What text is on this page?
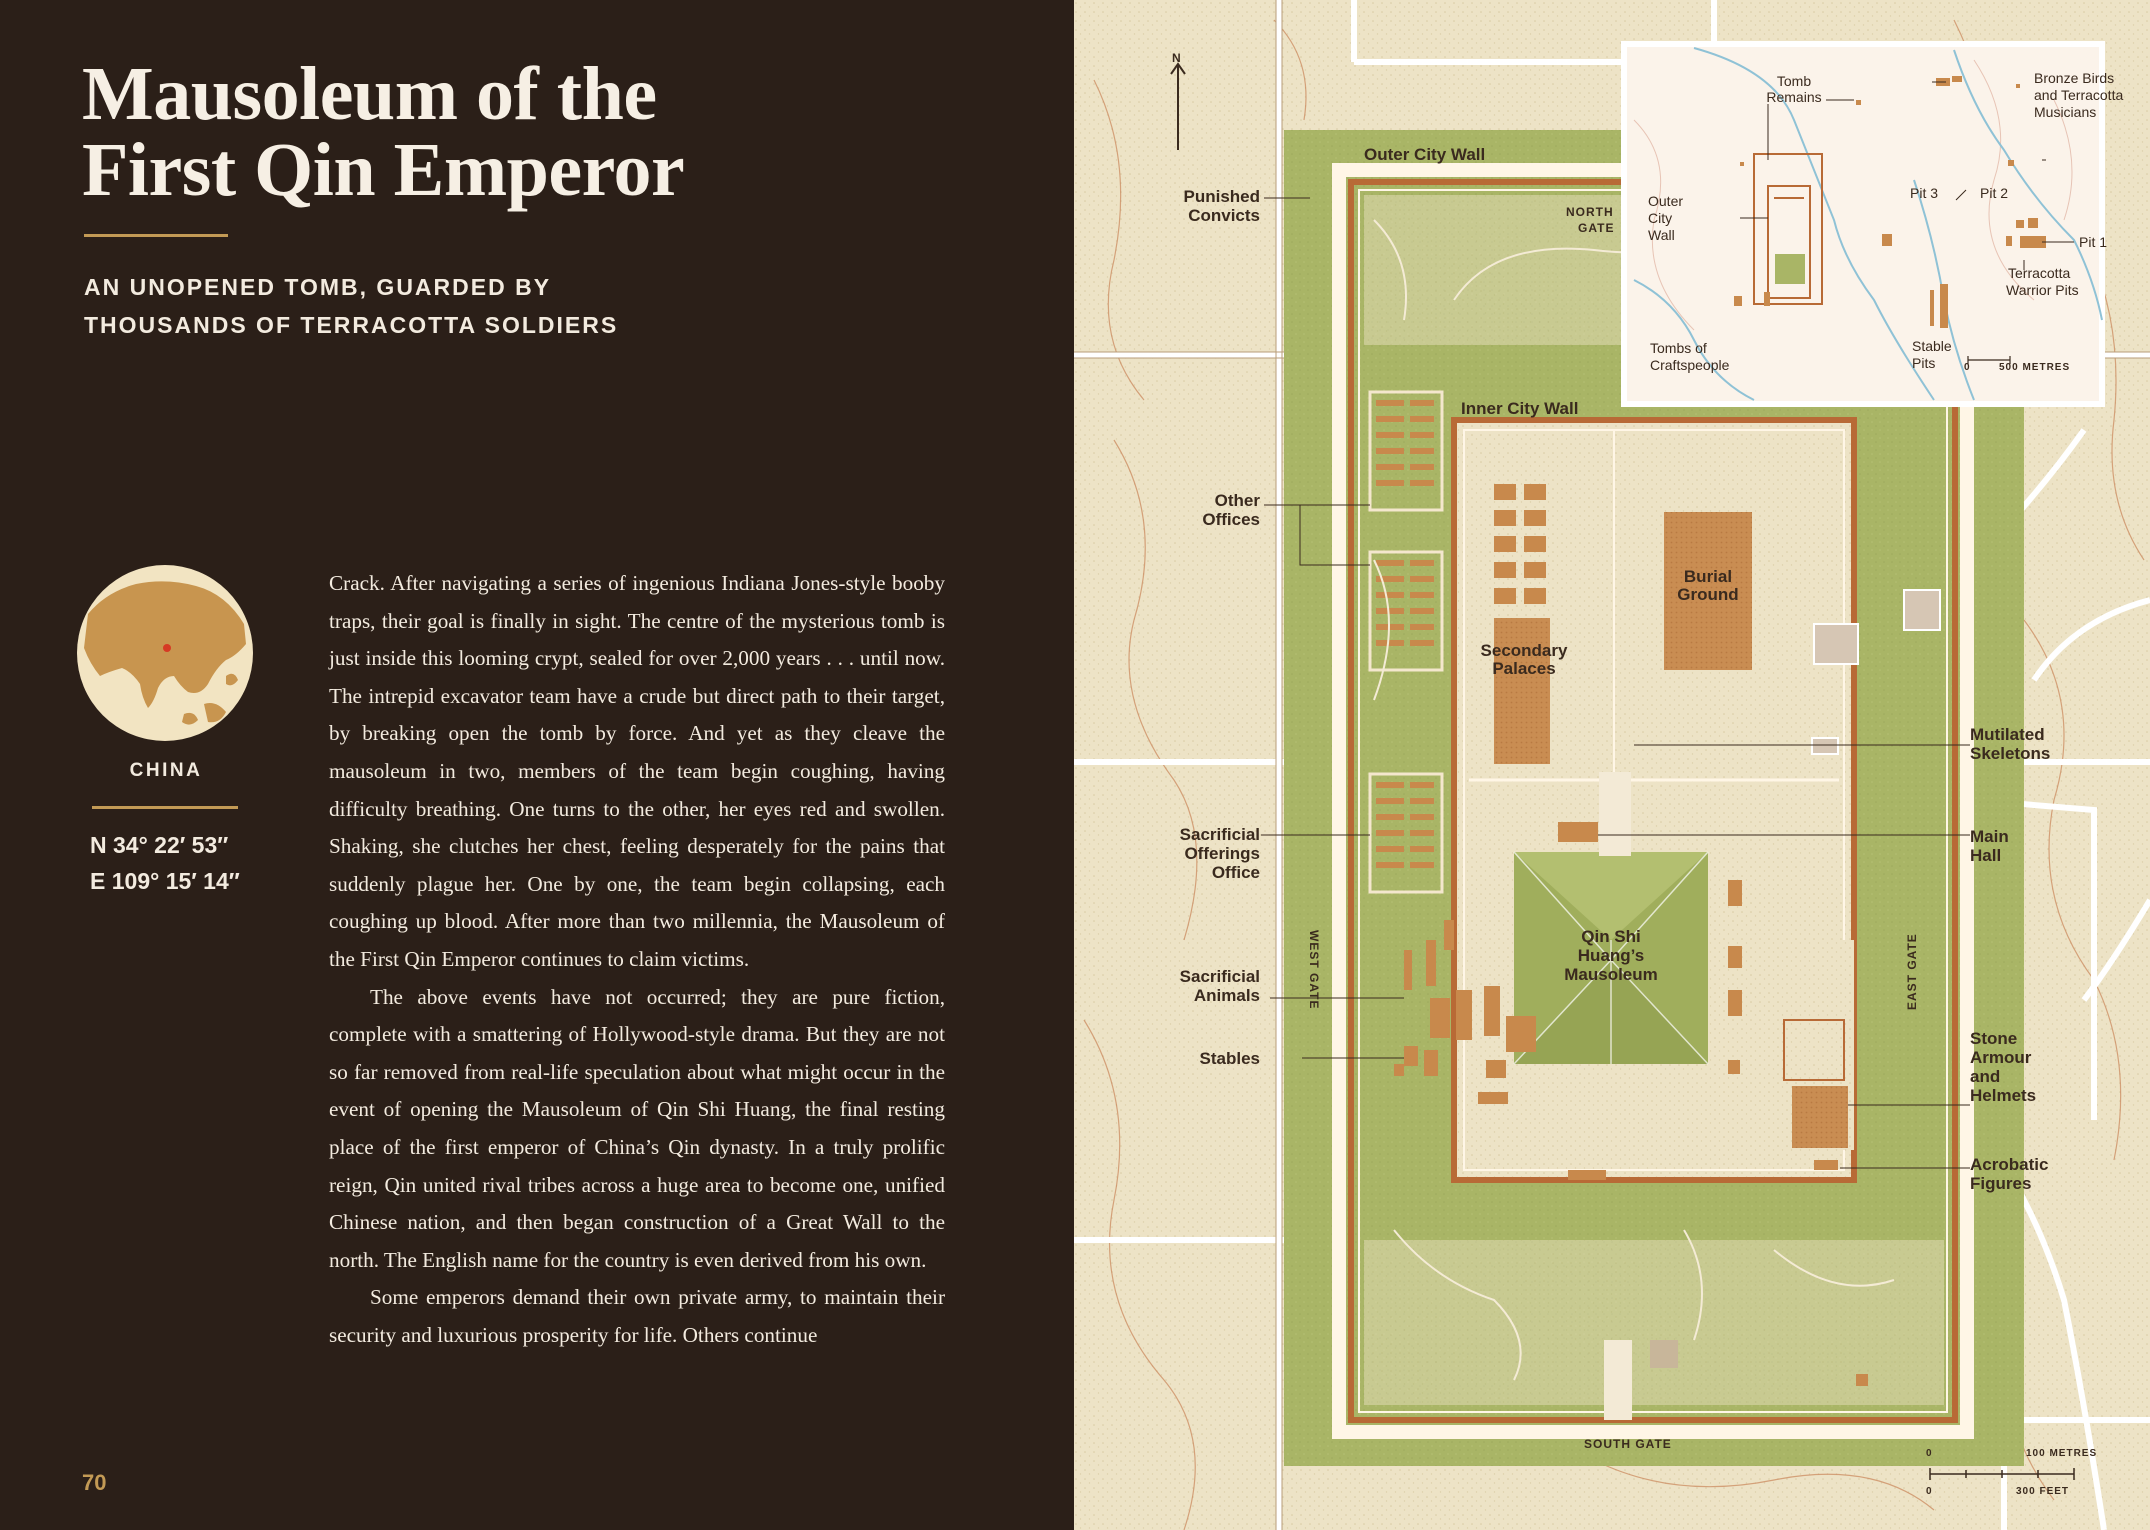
Mausoleum of the
First Qin Emperor
AN UNOPENED TOMB, GUARDED BY
THOUSANDS OF TERRACOTTA SOLDIERS
CHINA
N 34° 22′ 53″
E 109° 15′ 14″

Crack. After navigating a series of ingenious Indiana Jones-style booby traps, their goal is finally in sight. The centre of the mysterious tomb is just inside this looming crypt, sealed for over 2,000 years . . . until now. The intrepid excavator team have a crude but direct path to their target, by breaking open the tomb by force. And yet as they cleave the mausoleum in two, members of the team begin coughing, having difficulty breathing. One turns to the other, her eyes red and swollen. Shaking, she clutches her chest, feeling desperately for the pains that suddenly plague her. One by one, the team begin collapsing, each coughing up blood. After more than two millennia, the Mausoleum of the First Qin Emperor continues to claim victims.

The above events have not occurred; they are pure fiction, complete with a smattering of Hollywood-style drama. But they are not so far removed from real-life speculation about what might occur in the event of opening the Mausoleum of Qin Shi Huang, the final resting place of the first emperor of China’s Qin dynasty. In a truly prolific reign, Qin united rival tribes across a huge area to become one, unified Chinese nation, and then began construction of a Great Wall to the north. The English name for the country is even derived from his own.

Some emperors demand their own private army, to maintain their security and luxurious prosperity for life. Others continue

70
N
Outer City Wall
Inner City Wall
NORTH
GATE
WEST GATE	EAST GATE
SOUTH GATE
Punished
Convicts
Other
Offices
Burial
Ground
Secondary
Palaces
Mutilated
Skeletons
Sacrificial
Offerings
Office
Main
Hall
Qin Shi
Huang’s
Mausoleum
Sacrificial
Animals
Stables
Stone
Armour
and
Helmets
Acrobatic
Figures
0	100 METRES
0	300 FEET
Tomb
Remains
Bronze Birds
and Terracotta
Musicians
Outer
City
Wall
Pit 3	Pit 2
Pit 1
Terracotta
Warrior Pits
Tombs of
Craftspeople
Stable
Pits	0	500 METRES
